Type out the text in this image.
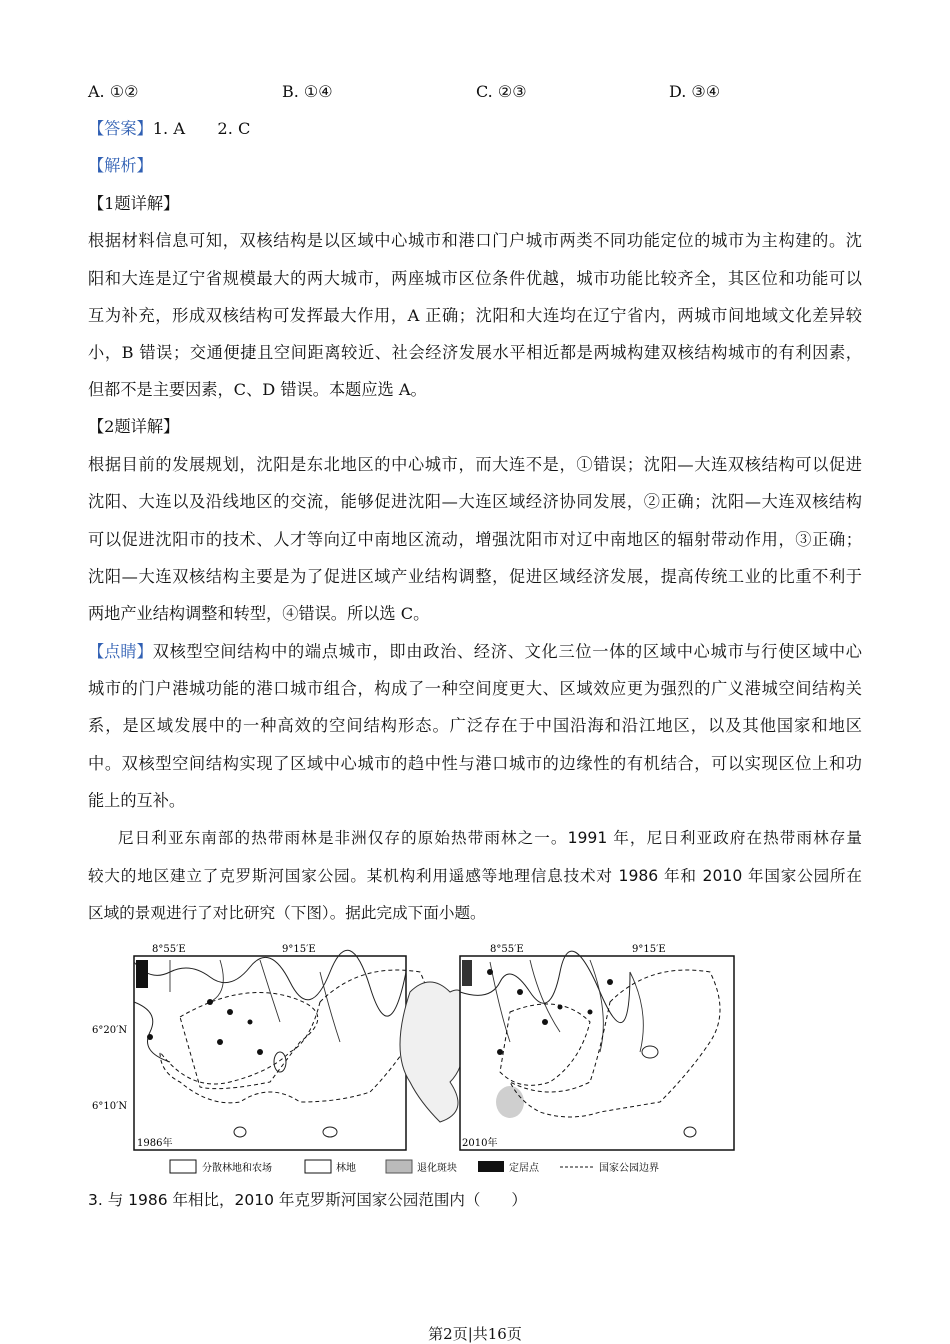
A. ①②	B. ①④	C. ②③	D. ③④
【答案】1. A　　2. C
【解析】
【1题详解】
根据材料信息可知，双核结构是以区域中心城市和港口门户城市两类不同功能定位的城市为主构建的。沈
阳和大连是辽宁省规模最大的两大城市，两座城市区位条件优越，城市功能比较齐全，其区位和功能可以
互为补充，形成双核结构可发挥最大作用，A 正确；沈阳和大连均在辽宁省内，两城市间地域文化差异较
小，B 错误；交通便捷且空间距离较近、社会经济发展水平相近都是两城构建双核结构城市的有利因素，
但都不是主要因素，C、D 错误。本题应选 A。
【2题详解】
根据目前的发展规划，沈阳是东北地区的中心城市，而大连不是，①错误；沈阳—大连双核结构可以促进
沈阳、大连以及沿线地区的交流，能够促进沈阳—大连区域经济协同发展，②正确；沈阳—大连双核结构
可以促进沈阳市的技术、人才等向辽中南地区流动，增强沈阳市对辽中南地区的辐射带动作用，③正确；
沈阳—大连双核结构主要是为了促进区域产业结构调整，促进区域经济发展，提高传统工业的比重不利于
两地产业结构调整和转型，④错误。所以选 C。
【点睛】 双核型空间结构中的端点城市，即由政治、经济、文化三位一体的区域中心城市与行使区域中心
城市的门户港城功能的港口城市组合，构成了一种空间度更大、区域效应更为强烈的广义港城空间结构关
系，是区域发展中的一种高效的空间结构形态。广泛存在于中国沿海和沿江地区，以及其他国家和地区
中。双核型空间结构实现了区域中心城市的趋中性与港口城市的边缘性的有机结合，可以实现区位上和功
能上的互补。
尼日利亚东南部的热带雨林是非洲仅存的原始热带雨林之一。1991 年，尼日利亚政府在热带雨林存量
较大的地区建立了克罗斯河国家公园。某机构利用遥感等地理信息技术对 1986 年和 2010 年国家公园所在
区域的景观进行了对比研究（下图）。据此完成下面小题。
8°55′E	9°15′E
6°20′N
6°10′N
1986年
8°55′E	9°15′E
2010年
分散林地和农场	林地	退化斑块	定居点	国家公园边界
3. 与 1986 年相比，2010 年克罗斯河国家公园范围内（　　）
第2页|共16页
